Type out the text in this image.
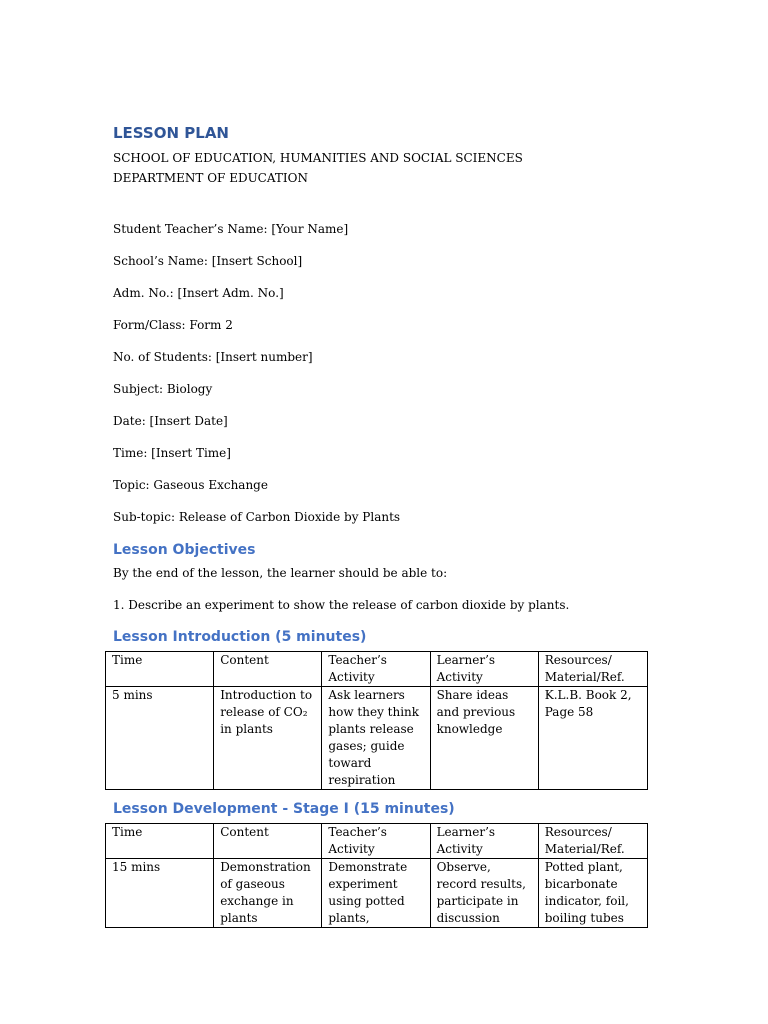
LESSON PLAN

SCHOOL OF EDUCATION, HUMANITIES AND SOCIAL SCIENCES

DEPARTMENT OF EDUCATION

Student Teacher’s Name: [Your Name]

School’s Name: [Insert School]

Adm. No.: [Insert Adm. No.]

Form/Class: Form 2

No. of Students: [Insert number]

Subject: Biology

Date: [Insert Date]

Time: [Insert Time]

Topic: Gaseous Exchange

Sub-topic: Release of Carbon Dioxide by Plants

Lesson Objectives

By the end of the lesson, the learner should be able to:

1. Describe an experiment to show the release of carbon dioxide by plants.

Lesson Introduction (5 minutes)
Time	Content	Teacher’s Activity	Learner’s Activity	Resources/ Material/Ref.
5 mins	Introduction to release of CO₂ in plants	Ask learners how they think plants release gases; guide toward respiration	Share ideas and previous knowledge	K.L.B. Book 2, Page 58
Lesson Development - Stage I (15 minutes)
Time	Content	Teacher’s Activity	Learner’s Activity	Resources/ Material/Ref.

15 mins	Demonstration of gaseous exchange in plants	Demonstrate experiment using potted plants,	Observe, record results, participate in discussion	Potted plant, bicarbonate indicator, foil, boiling tubes
